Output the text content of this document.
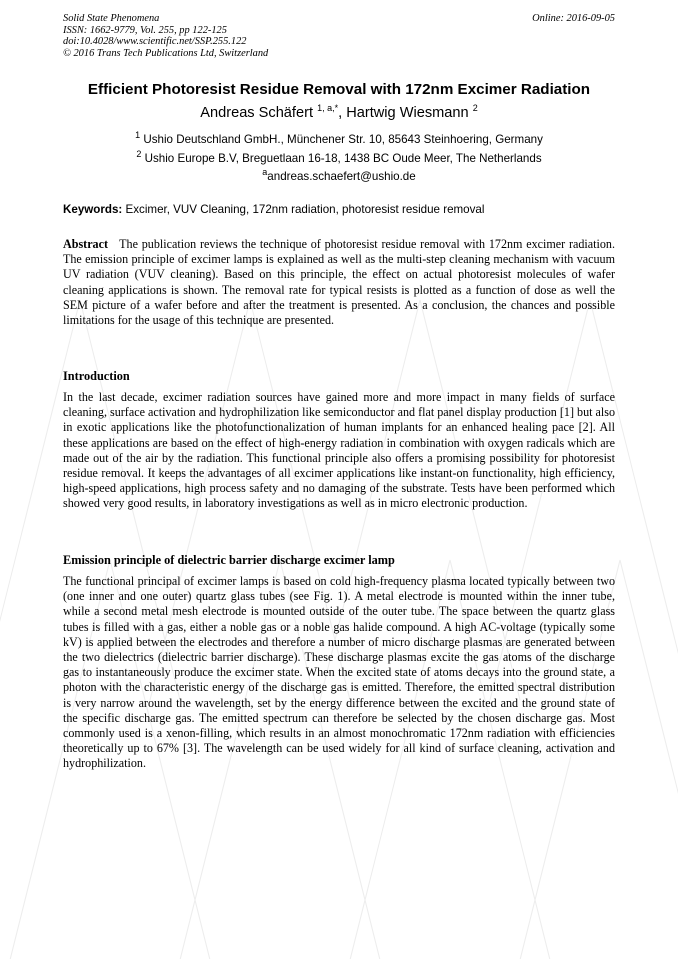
Solid State Phenomena
ISSN: 1662-9779, Vol. 255, pp 122-125
doi:10.4028/www.scientific.net/SSP.255.122
© 2016 Trans Tech Publications Ltd, Switzerland
Online: 2016-09-05
Efficient Photoresist Residue Removal with 172nm Excimer Radiation
Andreas Schäfert $^{1, a,*}$, Hartwig Wiesmann $^2$
$^1$ Ushio Deutschland GmbH., Münchener Str. 10, 85643 Steinhoering, Germany
$^2$ Ushio Europe B.V, Breguetlaan 16-18, 1438 BC Oude Meer, The Netherlands
$^a$andreas.schaefert@ushio.de
Keywords: Excimer, VUV Cleaning, 172nm radiation, photoresist residue removal
Abstract The publication reviews the technique of photoresist residue removal with 172nm excimer radiation. The emission principle of excimer lamps is explained as well as the multi-step cleaning mechanism with vacuum UV radiation (VUV cleaning). Based on this principle, the effect on actual photoresist molecules of wafer cleaning applications is shown. The removal rate for typical resists is plotted as a function of dose as well the SEM picture of a wafer before and after the treatment is presented. As a conclusion, the chances and possible limitations for the usage of this technique are presented.
Introduction
In the last decade, excimer radiation sources have gained more and more impact in many fields of surface cleaning, surface activation and hydrophilization like semiconductor and flat panel display production [1] but also in exotic applications like the photofunctionalization of human implants for an enhanced healing pace [2]. All these applications are based on the effect of high-energy radiation in combination with oxygen radicals which are made out of the air by the radiation. This functional principle also offers a promising possibility for photoresist residue removal. It keeps the advantages of all excimer applications like instant-on functionality, high efficiency, high-speed applications, high process safety and no damaging of the substrate. Tests have been performed which showed very good results, in laboratory investigations as well as in micro electronic production.
Emission principle of dielectric barrier discharge excimer lamp
The functional principal of excimer lamps is based on cold high-frequency plasma located typically between two (one inner and one outer) quartz glass tubes (see Fig. 1). A metal electrode is mounted within the inner tube, while a second metal mesh electrode is mounted outside of the outer tube. The space between the quartz glass tubes is filled with a gas, either a noble gas or a noble gas halide compound. A high AC-voltage (typically some kV) is applied between the electrodes and therefore a number of micro discharge plasmas are generated between the two dielectrics (dielectric barrier discharge). These discharge plasmas excite the gas atoms of the discharge gas to instantaneously produce the excimer state. When the excited state of atoms decays into the ground state, a photon with the characteristic energy of the discharge gas is emitted. Therefore, the emitted spectral distribution is very narrow around the wavelength, set by the energy difference between the excited and the ground state of the specific discharge gas. The emitted spectrum can therefore be selected by the chosen discharge gas. Most commonly used is a xenon-filling, which results in an almost monochromatic 172nm radiation with efficiencies theoretically up to 67% [3]. The wavelength can be used widely for all kind of surface cleaning, activation and hydrophilization.
